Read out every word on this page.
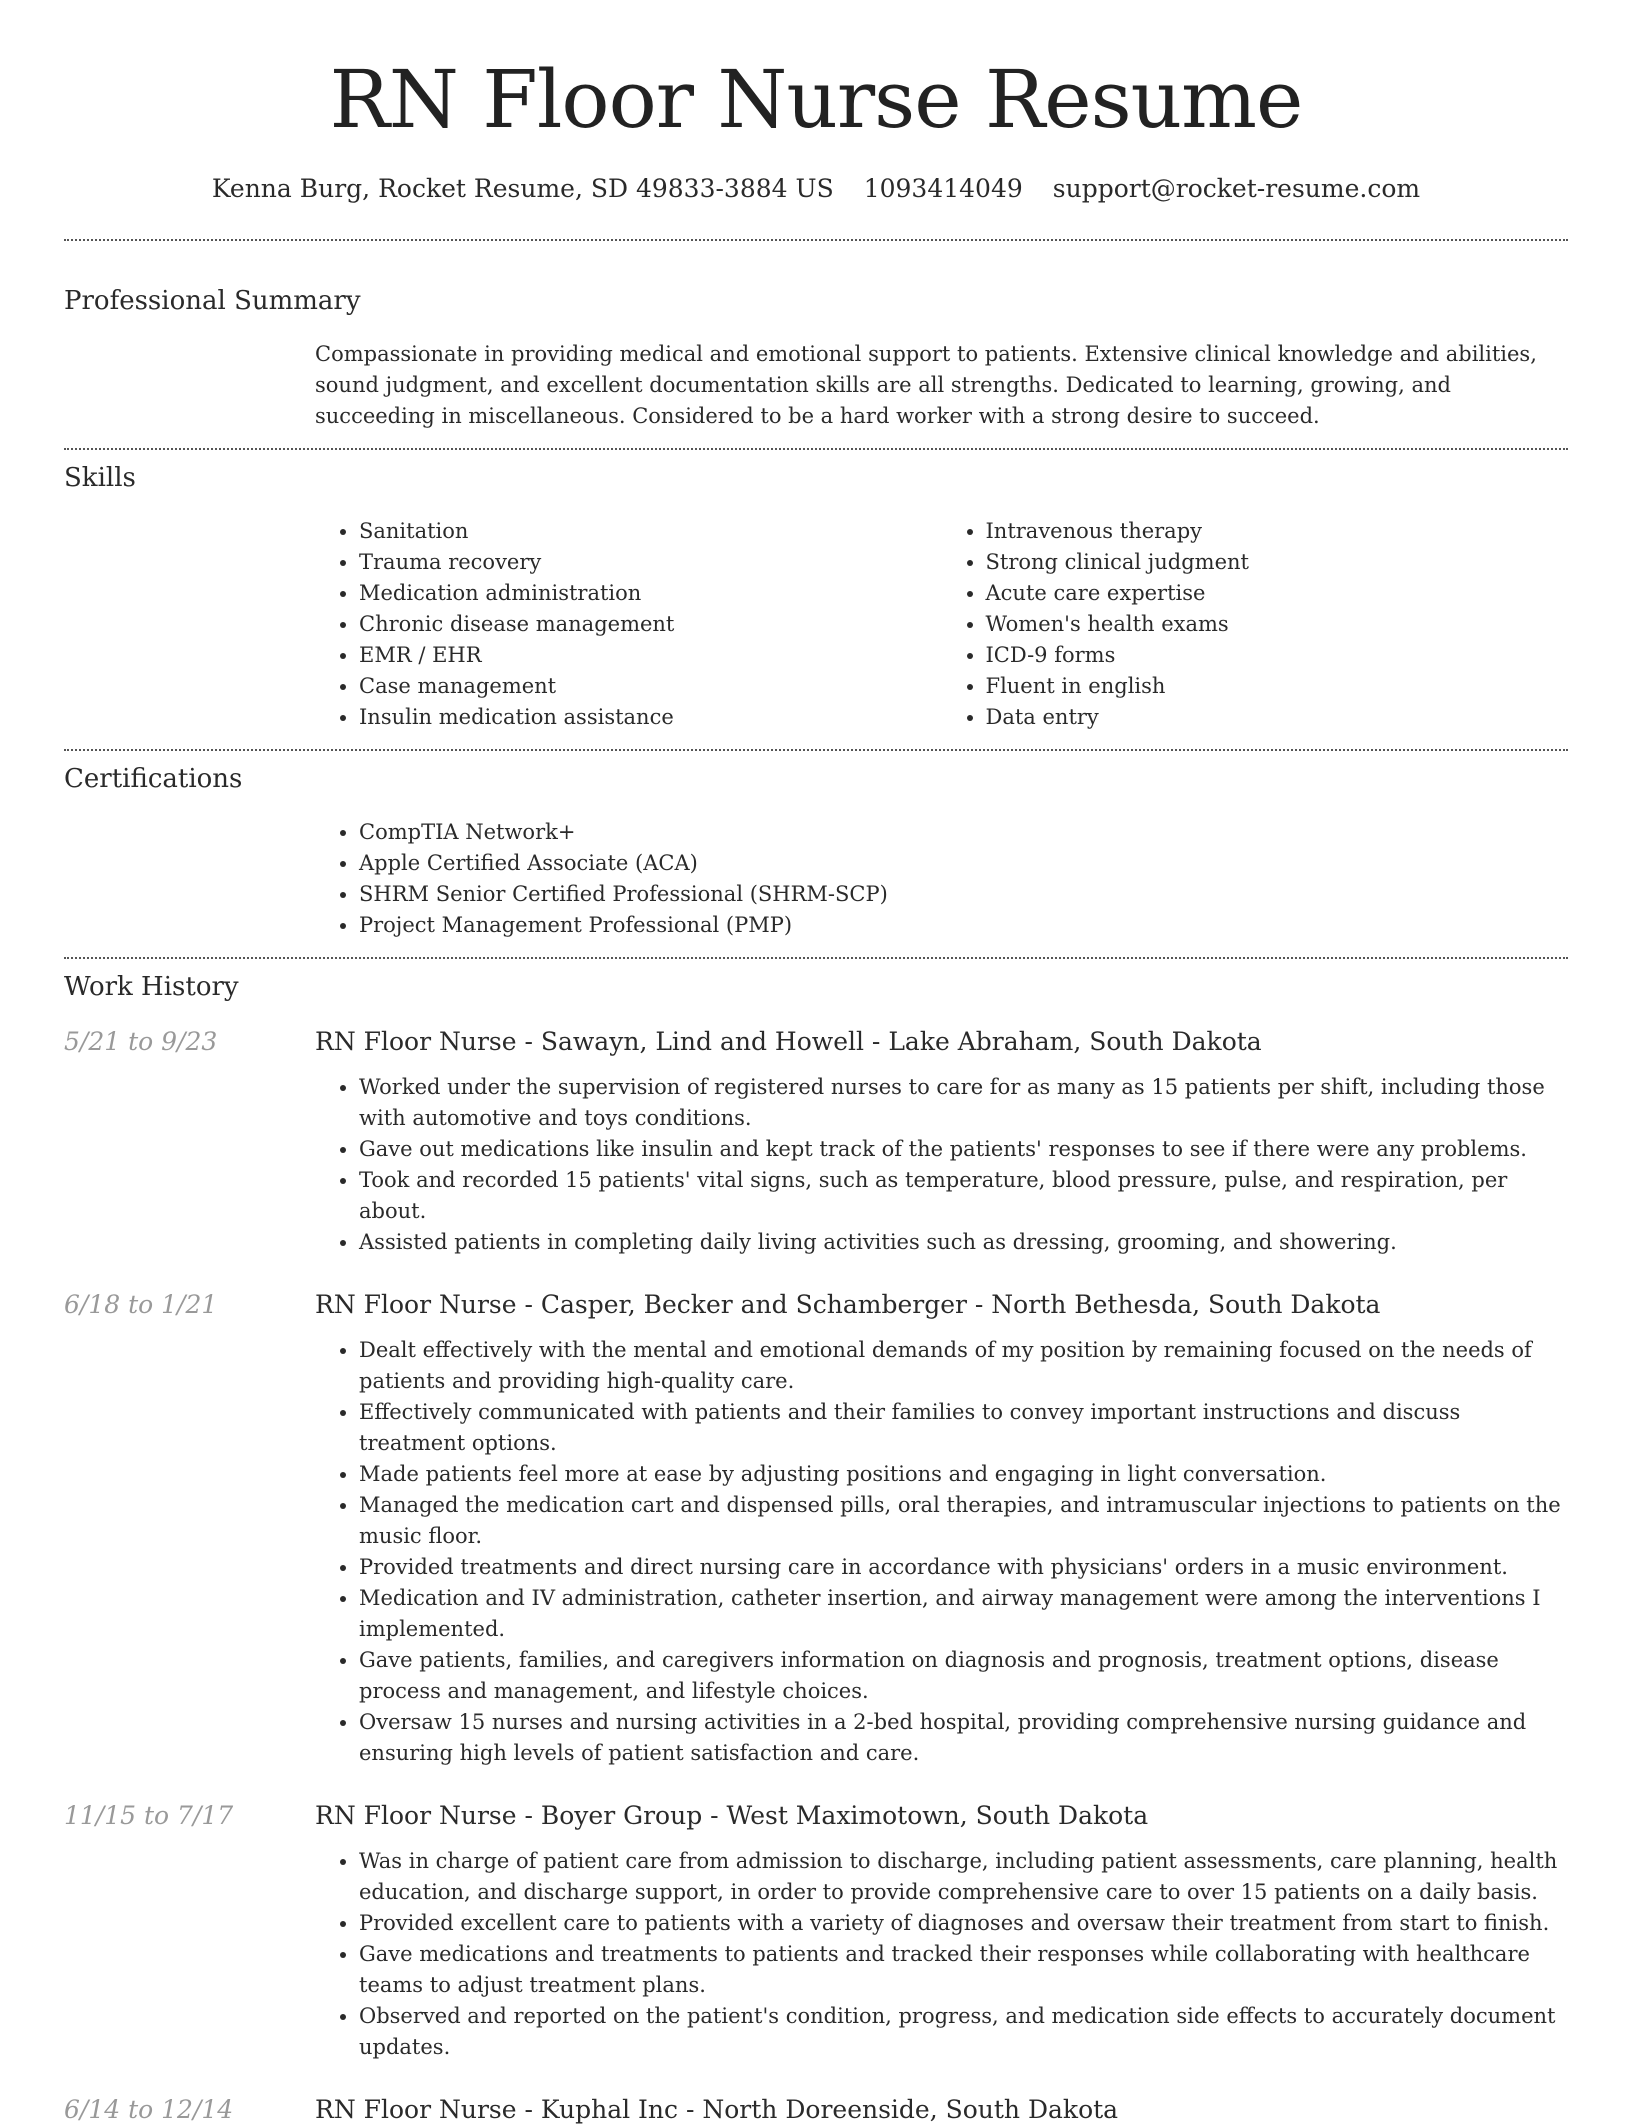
RN Floor Nurse Resume
Kenna Burg, Rocket Resume, SD 49833-3884 US 1093414049 support@rocket-resume.com
Professional Summary

Compassionate in providing medical and emotional support to patients. Extensive clinical knowledge and abilities, sound judgment, and excellent documentation skills are all strengths. Dedicated to learning, growing, and succeeding in miscellaneous. Considered to be a hard worker with a strong desire to succeed.

Skills
• Sanitation
• Trauma recovery
• Medication administration
• Chronic disease management
• EMR / EHR
• Case management
• Insulin medication assistance
• Intravenous therapy
• Strong clinical judgment
• Acute care expertise
• Women's health exams
• ICD-9 forms
• Fluent in english
• Data entry
Certifications
• CompTIA Network+
• Apple Certified Associate (ACA)
• SHRM Senior Certified Professional (SHRM-SCP)
• Project Management Professional (PMP)
Work History
5/21 to 9/23	RN Floor Nurse - Sawayn, Lind and Howell - Lake Abraham, South Dakota
• Worked under the supervision of registered nurses to care for as many as 15 patients per shift, including those with automotive and toys conditions.
• Gave out medications like insulin and kept track of the patients' responses to see if there were any problems.
• Took and recorded 15 patients' vital signs, such as temperature, blood pressure, pulse, and respiration, per about.
• Assisted patients in completing daily living activities such as dressing, grooming, and showering.
6/18 to 1/21	RN Floor Nurse - Casper, Becker and Schamberger - North Bethesda, South Dakota
• Dealt effectively with the mental and emotional demands of my position by remaining focused on the needs of patients and providing high-quality care.
• Effectively communicated with patients and their families to convey important instructions and discuss treatment options.
• Made patients feel more at ease by adjusting positions and engaging in light conversation.
• Managed the medication cart and dispensed pills, oral therapies, and intramuscular injections to patients on the music floor.
• Provided treatments and direct nursing care in accordance with physicians' orders in a music environment.
• Medication and IV administration, catheter insertion, and airway management were among the interventions I implemented.
• Gave patients, families, and caregivers information on diagnosis and prognosis, treatment options, disease process and management, and lifestyle choices.
• Oversaw 15 nurses and nursing activities in a 2-bed hospital, providing comprehensive nursing guidance and ensuring high levels of patient satisfaction and care.
11/15 to 7/17	RN Floor Nurse - Boyer Group - West Maximotown, South Dakota
• Was in charge of patient care from admission to discharge, including patient assessments, care planning, health education, and discharge support, in order to provide comprehensive care to over 15 patients on a daily basis.
• Provided excellent care to patients with a variety of diagnoses and oversaw their treatment from start to finish.
• Gave medications and treatments to patients and tracked their responses while collaborating with healthcare teams to adjust treatment plans.
• Observed and reported on the patient's condition, progress, and medication side effects to accurately document updates.
6/14 to 12/14	RN Floor Nurse - Kuphal Inc - North Doreenside, South Dakota
